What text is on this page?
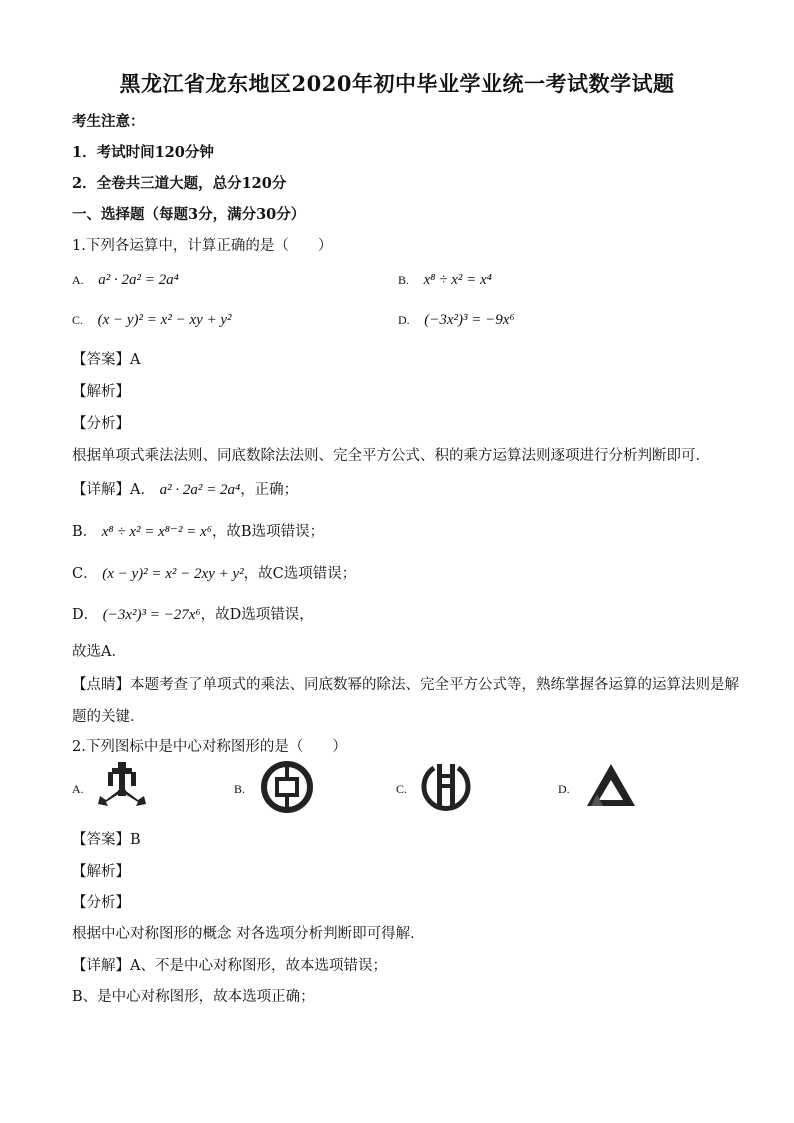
黑龙江省龙东地区2020年初中毕业学业统一考试数学试题
考生注意：
1．考试时间120分钟
2．全卷共三道大题，总分120分
一、选择题（每题3分，满分30分）
1.下列各运算中，计算正确的是（　　）
A. a² · 2a² = 2a⁴	B. x⁸ ÷ x² = x⁴
C. (x − y)² = x² − xy + y²	D. (−3x²)³ = −9x⁶
【答案】A
【解析】
【分析】
根据单项式乘法法则、同底数除法法则、完全平方公式、积的乘方运算法则逐项进行分析判断即可．
【详解】A． a² · 2a² = 2a⁴，正确；
B． x⁸ ÷ x² = x⁸⁻² = x⁶，故B选项错误；
C． (x − y)² = x² − 2xy + y²，故C选项错误；
D． (−3x²)³ = −27x⁶，故D选项错误，
故选A．
【点睛】本题考查了单项式的乘法、同底数幂的除法、完全平方公式等，熟练掌握各运算的运算法则是解
题的关键．
2.下列图标中是中心对称图形的是（　　）
A.	B.	C.	D.
【答案】B
【解析】
【分析】
根据中心对称图形的概念 对各选项分析判断即可得解．
【详解】A、不是中心对称图形，故本选项错误；
B、是中心对称图形，故本选项正确；
